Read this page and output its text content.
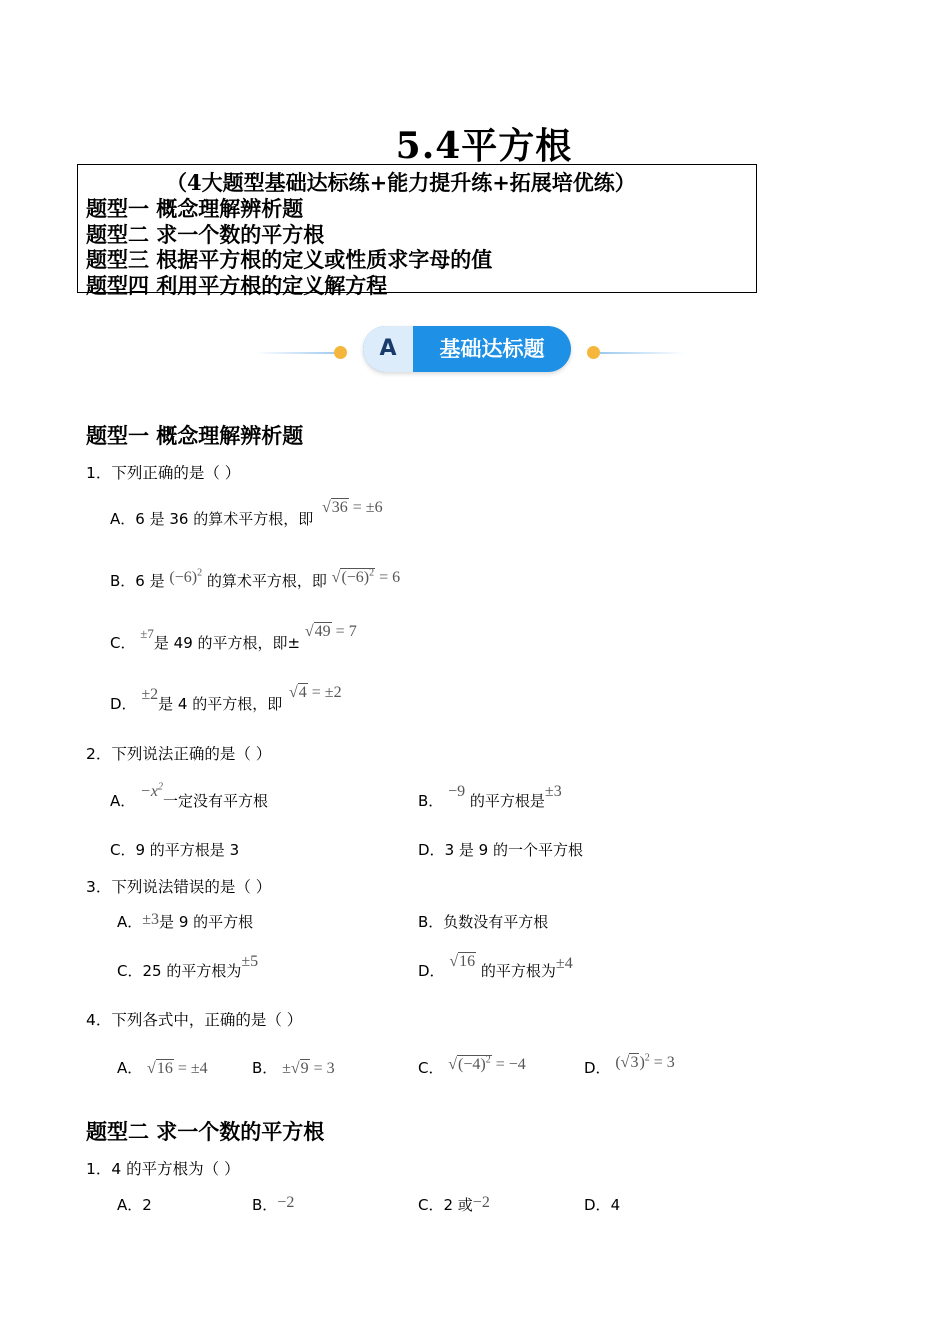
5.4平方根
（4大题型基础达标练+能力提升练+拓展培优练）
题型一 概念理解辨析题
题型二 求一个数的平方根
题型三 根据平方根的定义或性质求字母的值
题型四 利用平方根的定义解方程
A	基础达标题
题型一 概念理解辨析题
1．下列正确的是（ ）
A．6 是 36 的算术平方根，即 √36 = ±6
B．6 是 $(-6)^2$ 的算术平方根，即 $√(-6)^2 = 6$
C． ±7是 49 的平方根，即± √49 = 7
D． ±2是 4 的平方根，即 √4 = ±2
2．下列说法正确的是（ ）
A． $-x^2$一定没有平方根	B． −9 的平方根是±3
C．9 的平方根是 3	D．3 是 9 的一个平方根
3．下列说法错误的是（ ）
A．±3是 9 的平方根	B．负数没有平方根
C．25 的平方根为±5
D． √16 的平方根为±4
4．下列各式中，正确的是（ ）
A． √16 = ±4	B． ±√9 = 3	C． $√(-4)^2 = -4$	D． $(√3)^2 = 3$
题型二 求一个数的平方根
1．4 的平方根为（ ）
A．2	B．−2	C．2 或−2	D．4
